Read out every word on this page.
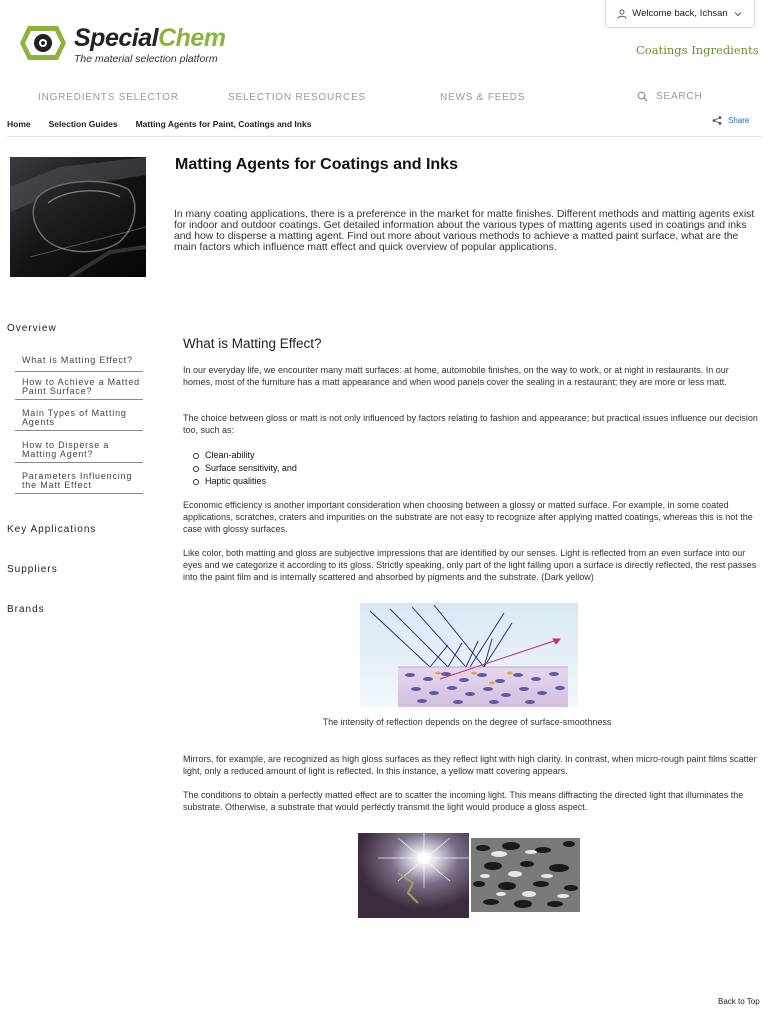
SpecialChem
The material selection platform
Welcome back, Ichsan
Coatings Ingredients
INGREDIENTS SELECTOR	SELECTION RESOURCES	NEWS & FEEDS	SEARCH
Home Selection Guides Matting Agents for Paint, Coatings and Inks	Share
Matting Agents for Coatings and Inks
In many coating applications, there is a preference in the market for matte finishes. Different methods and matting agents exist for indoor and outdoor coatings. Get detailed information about the various types of matting agents used in coatings and inks and how to disperse a matting agent. Find out more about various methods to achieve a matted paint surface, what are the main factors which influence matt effect and quick overview of popular applications.
Overview
What is Matting Effect?
How to Achieve a Matted Paint Surface?
Main Types of Matting Agents
How to Disperse a Matting Agent?
Parameters Influencing the Matt Effect
Key Applications
Suppliers
Brands
What is Matting Effect?
In our everyday life, we encounter many matt surfaces: at home, automobile finishes, on the way to work, or at night in restaurants. In our homes, most of the furniture has a matt appearance and when wood panels cover the sealing in a restaurant; they are more or less matt.
The choice between gloss or matt is not only influenced by factors relating to fashion and appearance; but practical issues influence our decision too, such as:
Clean-ability
Surface sensitivity, and
Haptic qualities
Economic efficiency is another important consideration when choosing between a glossy or matted surface. For example, in some coated applications, scratches, craters and impurities on the substrate are not easy to recognize after applying matted coatings, whereas this is not the case with glossy surfaces.
Like color, both matting and gloss are subjective impressions that are identified by our senses. Light is reflected from an even surface into our eyes and we categorize it according to its gloss. Strictly speaking, only part of the light falling upon a surface is directly reflected, the rest passes into the paint film and is internally scattered and absorbed by pigments and the substrate. (Dark yellow)
Mirrors, for example, are recognized as high gloss surfaces as they reflect light with high clarity. In contrast, when micro-rough paint films scatter light, only a reduced amount of light is reflected. In this instance, a yellow matt covering appears.
The conditions to obtain a perfectly matted effect are to scatter the incoming light. This means diffracting the directed light that illuminates the substrate. Otherwise, a substrate that would perfectly transmit the light would produce a gloss aspect.
The intensity of reflection depends on the degree of surface-smoothness
Back to Top
